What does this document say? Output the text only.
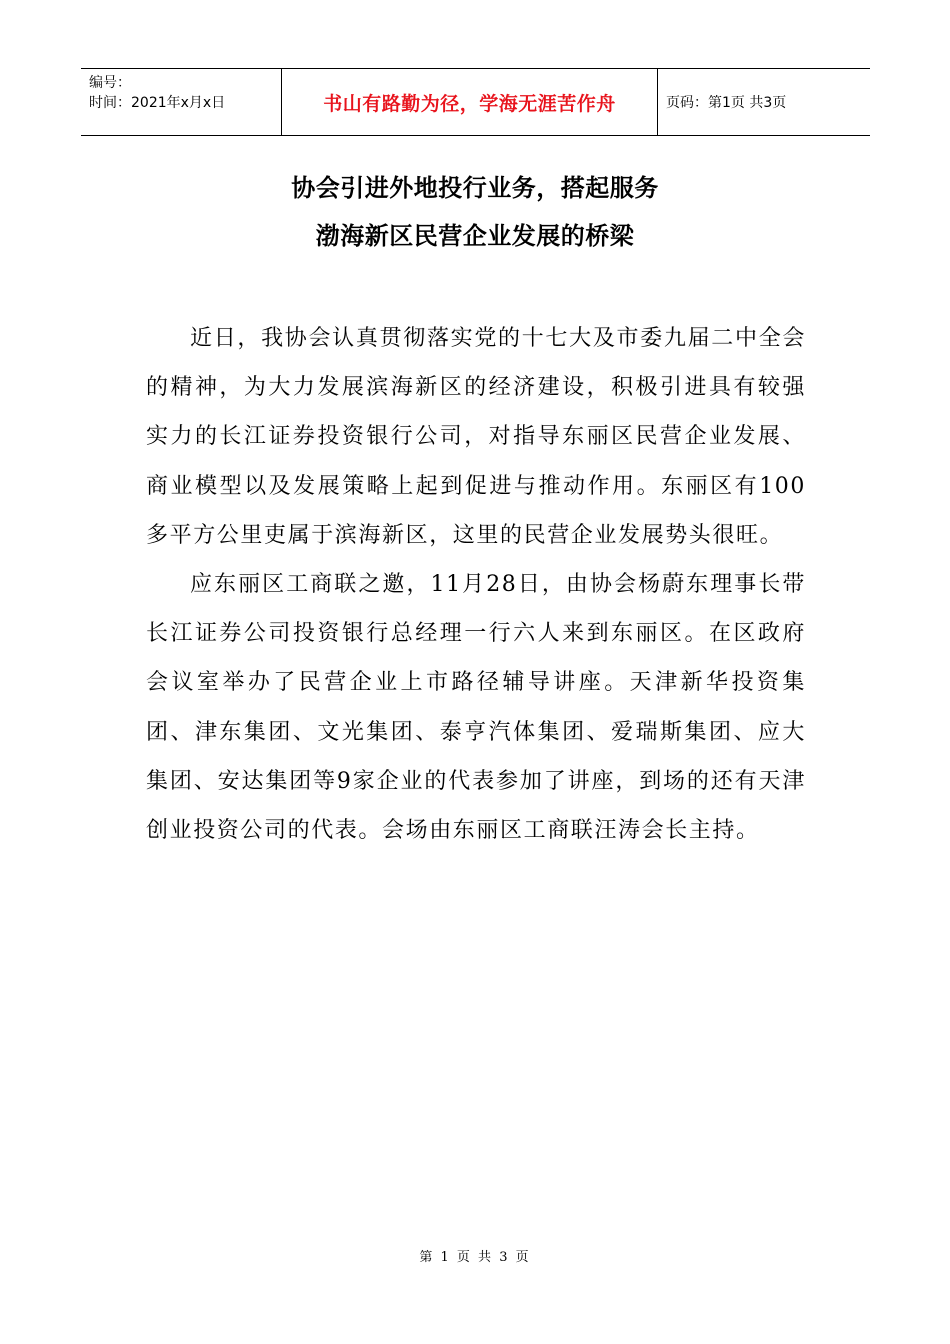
编号：
时间：2021年x月x日	书山有路勤为径，学海无涯苦作舟	页码：第1页 共3页
协会引进外地投行业务，搭起服务
渤海新区民营企业发展的桥梁

近日，我协会认真贯彻落实党的十七大及市委九届二中全会的精神，为大力发展滨海新区的经济建设，积极引进具有较强实力的长江证券投资银行公司，对指导东丽区民营企业发展、商业模型以及发展策略上起到促进与推动作用。东丽区有100多平方公里吏属于滨海新区，这里的民营企业发展势头很旺。

应东丽区工商联之邀，11月28日，由协会杨蔚东理事长带长江证券公司投资银行总经理一行六人来到东丽区。在区政府会议室举办了民营企业上市路径辅导讲座。天津新华投资集团、津东集团、文光集团、泰亨汽体集团、爱瑞斯集团、应大集团、安达集团等9家企业的代表参加了讲座，到场的还有天津创业投资公司的代表。会场由东丽区工商联汪涛会长主持。

第 1 页 共 3 页
